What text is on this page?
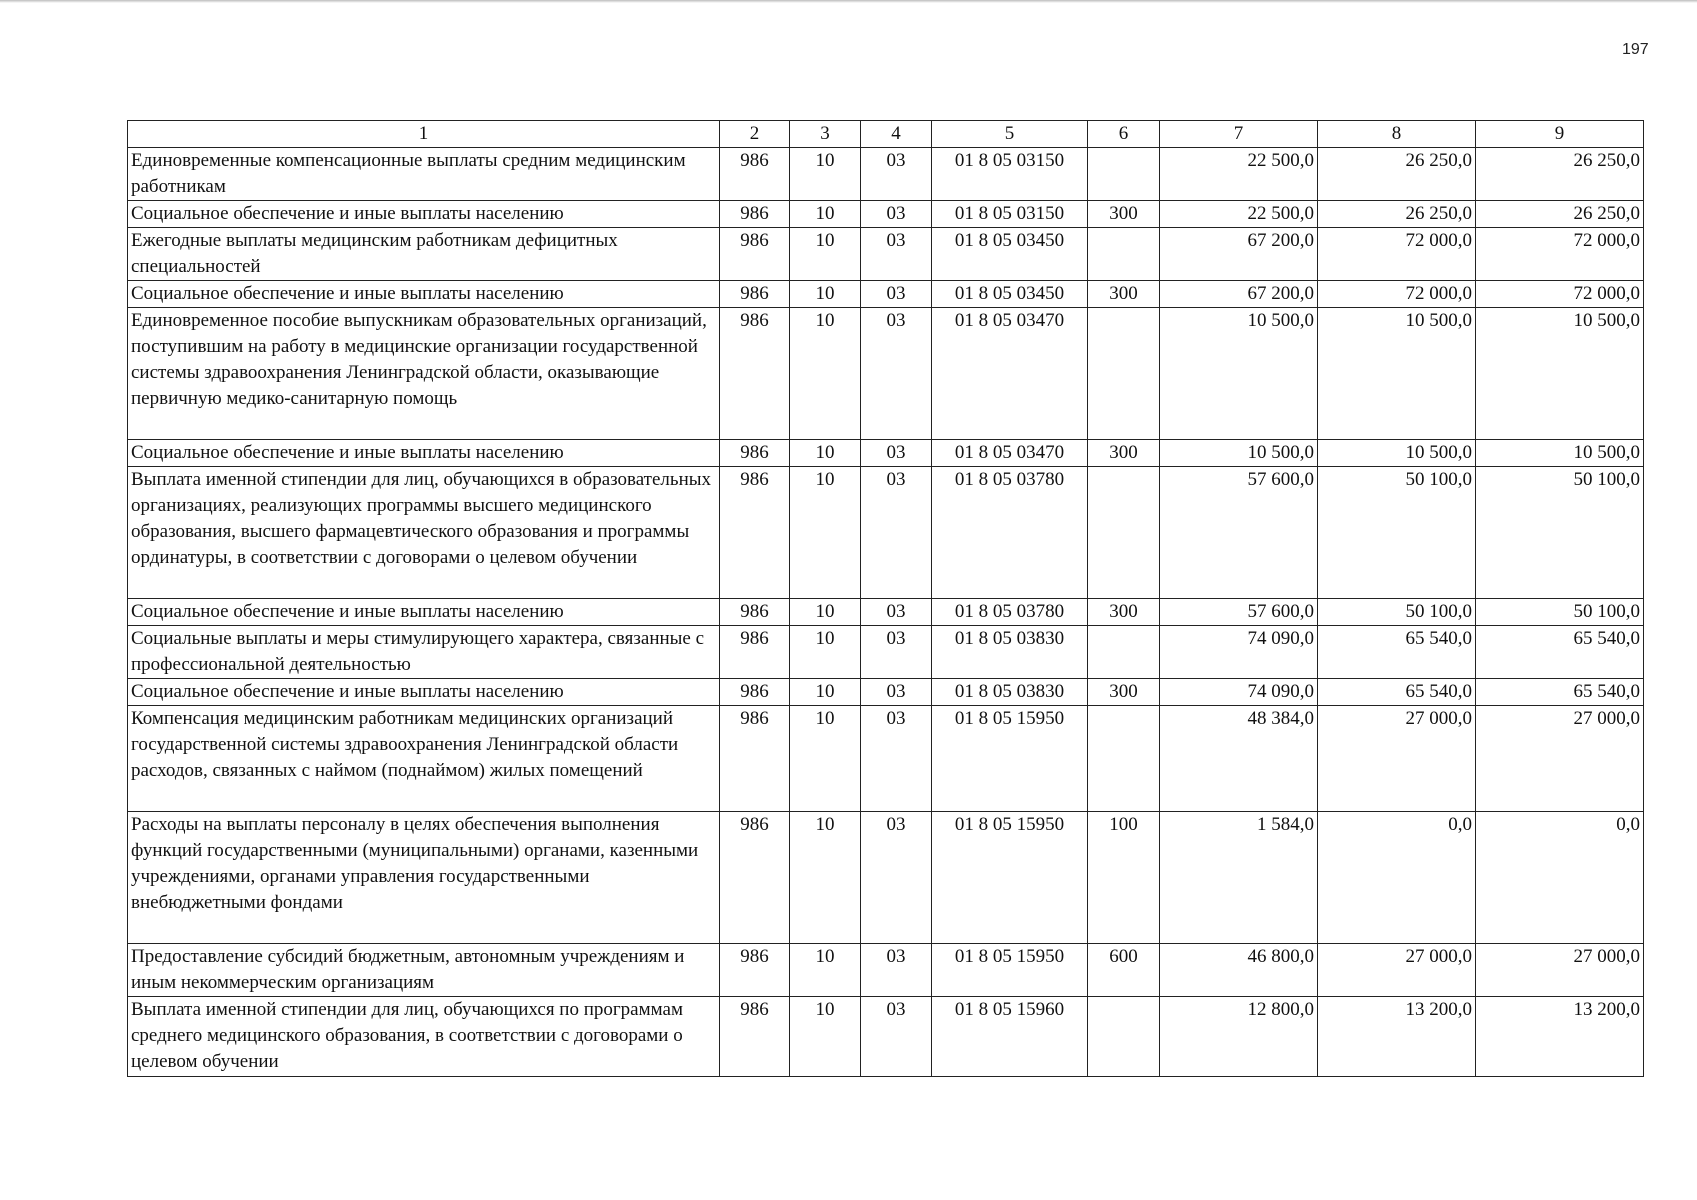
197
1	2	3	4	5	6	7	8	9
Единовременные компенсационные выплаты средним медицинским работникам	986	10	03	01 8 05 03150		22 500,0	26 250,0	26 250,0
Социальное обеспечение и иные выплаты населению	986	10	03	01 8 05 03150	300	22 500,0	26 250,0	26 250,0
Ежегодные выплаты медицинским работникам дефицитных специальностей	986	10	03	01 8 05 03450		67 200,0	72 000,0	72 000,0
Социальное обеспечение и иные выплаты населению	986	10	03	01 8 05 03450	300	67 200,0	72 000,0	72 000,0
Единовременное пособие выпускникам образовательных организаций, поступившим на работу в медицинские организации государственной системы здравоохранения Ленинградской области, оказывающие первичную медико-санитарную помощь	986	10	03	01 8 05 03470		10 500,0	10 500,0	10 500,0
Социальное обеспечение и иные выплаты населению	986	10	03	01 8 05 03470	300	10 500,0	10 500,0	10 500,0
Выплата именной стипендии для лиц, обучающихся в образовательных организациях, реализующих программы высшего медицинского образования, высшего фармацевтического образования и программы ординатуры, в соответствии с договорами о целевом обучении	986	10	03	01 8 05 03780		57 600,0	50 100,0	50 100,0
Социальное обеспечение и иные выплаты населению	986	10	03	01 8 05 03780	300	57 600,0	50 100,0	50 100,0
Социальные выплаты и меры стимулирующего характера, связанные с профессиональной деятельностью	986	10	03	01 8 05 03830		74 090,0	65 540,0	65 540,0
Социальное обеспечение и иные выплаты населению	986	10	03	01 8 05 03830	300	74 090,0	65 540,0	65 540,0
Компенсация медицинским работникам медицинских организаций государственной системы здравоохранения Ленинградской области расходов, связанных с наймом (поднаймом) жилых помещений	986	10	03	01 8 05 15950		48 384,0	27 000,0	27 000,0
Расходы на выплаты персоналу в целях обеспечения выполнения функций государственными (муниципальными) органами, казенными учреждениями, органами управления государственными внебюджетными фондами	986	10	03	01 8 05 15950	100	1 584,0	0,0	0,0
Предоставление субсидий бюджетным, автономным учреждениям и иным некоммерческим организациям	986	10	03	01 8 05 15950	600	46 800,0	27 000,0	27 000,0
Выплата именной стипендии для лиц, обучающихся по программам среднего медицинского образования, в соответствии с договорами о целевом обучении	986	10	03	01 8 05 15960		12 800,0	13 200,0	13 200,0
